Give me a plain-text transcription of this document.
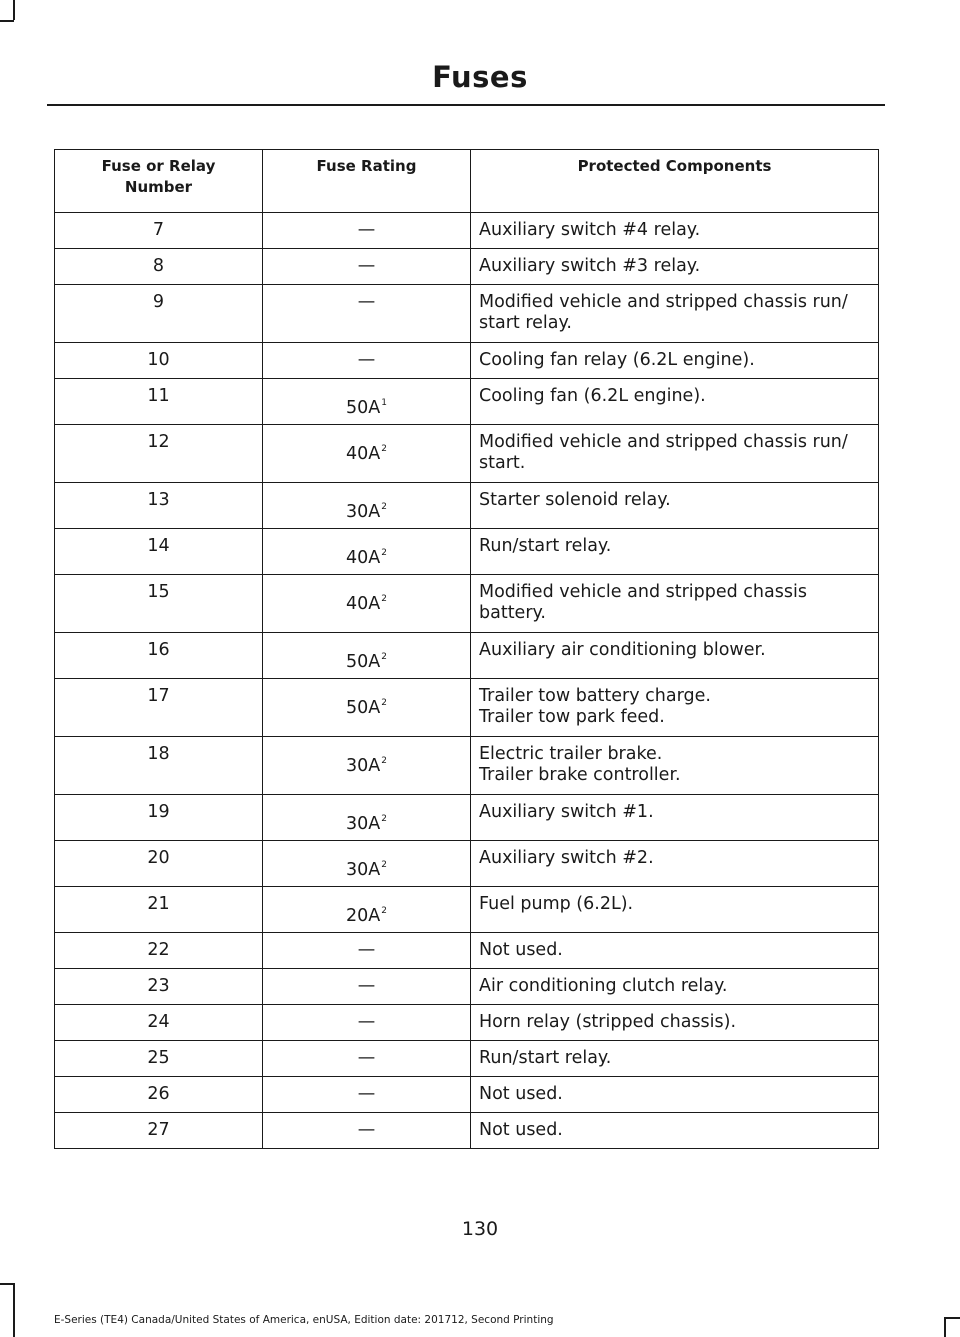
Fuses
Fuse or Relay Number	Fuse Rating	Protected Components
7	—	Auxiliary switch #4 relay.

8	—	Auxiliary switch #3 relay.

9	—	Modified vehicle and stripped chassis run/
start relay.

10	—	Cooling fan relay (6.2L engine).

11	50A$^1$	Cooling fan (6.2L engine).

12	40A$^2$	Modified vehicle and stripped chassis run/
start.

13	30A$^2$	Starter solenoid relay.

14	40A$^2$	Run/start relay.

15	40A$^2$	Modified vehicle and stripped chassis
battery.

16	50A$^2$	Auxiliary air conditioning blower.

17	50A$^2$	Trailer tow battery charge.
Trailer tow park feed.

18	30A$^2$	Electric trailer brake.
Trailer brake controller.

19	30A$^2$	Auxiliary switch #1.

20	30A$^2$	Auxiliary switch #2.

21	20A$^2$	Fuel pump (6.2L).

22	—	Not used.

23	—	Air conditioning clutch relay.

24	—	Horn relay (stripped chassis).

25	—	Run/start relay.

26	—	Not used.

27	—	Not used.
130
E-Series (TE4) Canada/United States of America, enUSA, Edition date: 201712, Second Printing
